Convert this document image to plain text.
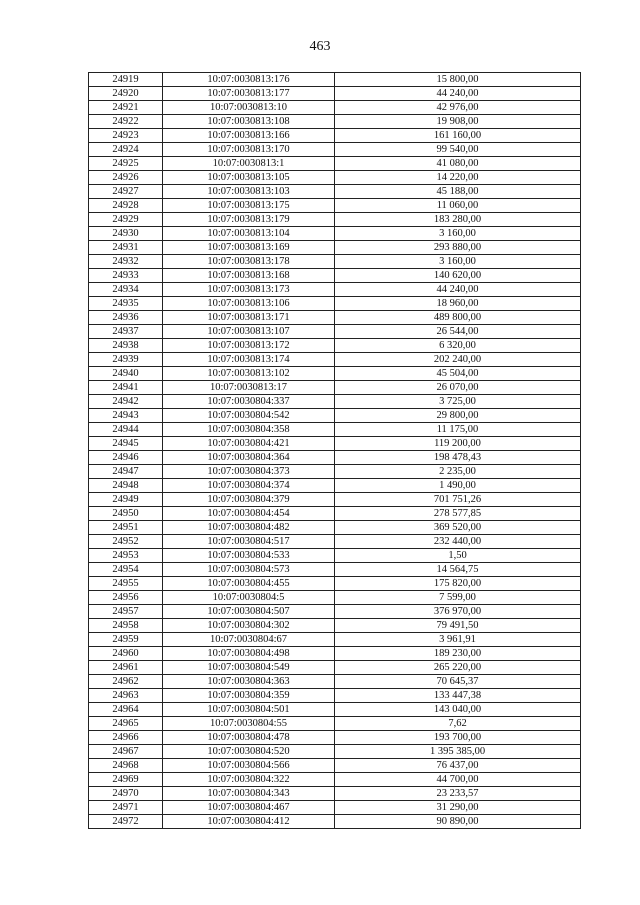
463
24919	10:07:0030813:176	15 800,00
24920	10:07:0030813:177	44 240,00
24921	10:07:0030813:10	42 976,00
24922	10:07:0030813:108	19 908,00
24923	10:07:0030813:166	161 160,00
24924	10:07:0030813:170	99 540,00
24925	10:07:0030813:1	41 080,00
24926	10:07:0030813:105	14 220,00
24927	10:07:0030813:103	45 188,00
24928	10:07:0030813:175	11 060,00
24929	10:07:0030813:179	183 280,00
24930	10:07:0030813:104	3 160,00
24931	10:07:0030813:169	293 880,00
24932	10:07:0030813:178	3 160,00
24933	10:07:0030813:168	140 620,00
24934	10:07:0030813:173	44 240,00
24935	10:07:0030813:106	18 960,00
24936	10:07:0030813:171	489 800,00
24937	10:07:0030813:107	26 544,00
24938	10:07:0030813:172	6 320,00
24939	10:07:0030813:174	202 240,00
24940	10:07:0030813:102	45 504,00
24941	10:07:0030813:17	26 070,00
24942	10:07:0030804:337	3 725,00
24943	10:07:0030804:542	29 800,00
24944	10:07:0030804:358	11 175,00
24945	10:07:0030804:421	119 200,00
24946	10:07:0030804:364	198 478,43
24947	10:07:0030804:373	2 235,00
24948	10:07:0030804:374	1 490,00
24949	10:07:0030804:379	701 751,26
24950	10:07:0030804:454	278 577,85
24951	10:07:0030804:482	369 520,00
24952	10:07:0030804:517	232 440,00
24953	10:07:0030804:533	1,50
24954	10:07:0030804:573	14 564,75
24955	10:07:0030804:455	175 820,00
24956	10:07:0030804:5	7 599,00
24957	10:07:0030804:507	376 970,00
24958	10:07:0030804:302	79 491,50
24959	10:07:0030804:67	3 961,91
24960	10:07:0030804:498	189 230,00
24961	10:07:0030804:549	265 220,00
24962	10:07:0030804:363	70 645,37
24963	10:07:0030804:359	133 447,38
24964	10:07:0030804:501	143 040,00
24965	10:07:0030804:55	7,62
24966	10:07:0030804:478	193 700,00
24967	10:07:0030804:520	1 395 385,00
24968	10:07:0030804:566	76 437,00
24969	10:07:0030804:322	44 700,00
24970	10:07:0030804:343	23 233,57
24971	10:07:0030804:467	31 290,00
24972	10:07:0030804:412	90 890,00
